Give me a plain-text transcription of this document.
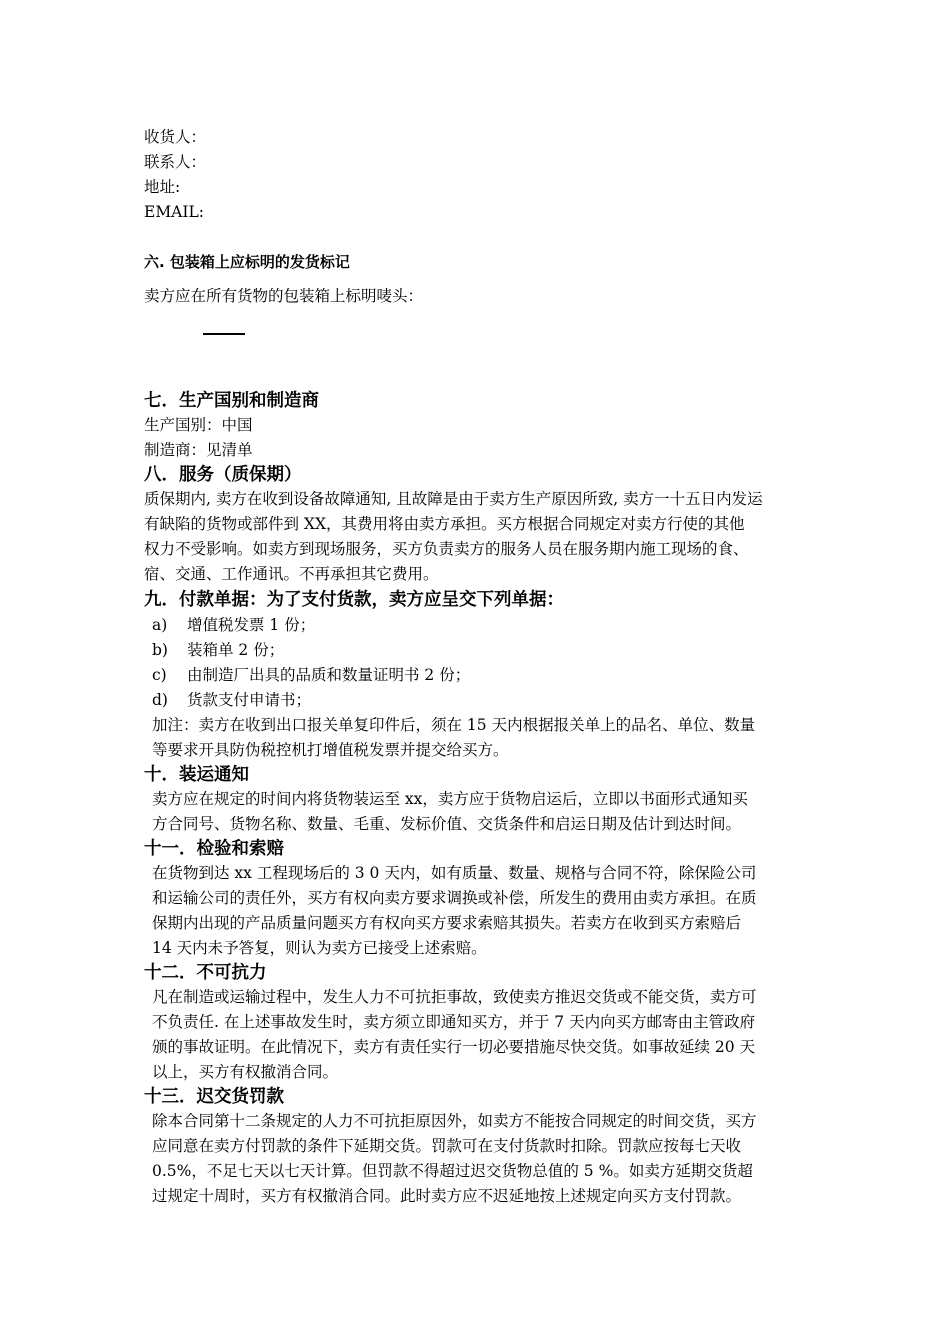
收货人：
联系人：
地址:
EMAIL:
六. 包装箱上应标明的发货标记
卖方应在所有货物的包装箱上标明唛头：
七．生产国别和制造商
生产国别：中国
制造商：见清单
八．服务（质保期）
质保期内, 卖方在收到设备故障通知, 且故障是由于卖方生产原因所致, 卖方一十五日内发运
有缺陷的货物或部件到 XX，其费用将由卖方承担。买方根据合同规定对卖方行使的其他
权力不受影响。如卖方到现场服务，买方负责卖方的服务人员在服务期内施工现场的食、
宿、交通、工作通讯。不再承担其它费用。
九．付款单据：为了支付货款，卖方应呈交下列单据：
a) 增值税发票 1 份；
b) 装箱单 2 份；
c) 由制造厂出具的品质和数量证明书 2 份；
d) 货款支付申请书；
加注：卖方在收到出口报关单复印件后，须在 15 天内根据报关单上的品名、单位、数量
等要求开具防伪税控机打增值税发票并提交给买方。
十．装运通知
卖方应在规定的时间内将货物装运至 xx，卖方应于货物启运后，立即以书面形式通知买
方合同号、货物名称、数量、毛重、发标价值、交货条件和启运日期及估计到达时间。
十一．检验和索赔
在货物到达 xx 工程现场后的 3 0 天内，如有质量、数量、规格与合同不符，除保险公司
和运输公司的责任外，买方有权向卖方要求调换或补偿，所发生的费用由卖方承担。在质
保期内出现的产品质量问题买方有权向买方要求索赔其损失。若卖方在收到买方索赔后
14 天内未予答复，则认为卖方已接受上述索赔。
十二．不可抗力
凡在制造或运输过程中，发生人力不可抗拒事故，致使卖方推迟交货或不能交货，卖方可
不负责任. 在上述事故发生时，卖方须立即通知买方，并于 7 天内向买方邮寄由主管政府
颁的事故证明。在此情况下，卖方有责任实行一切必要措施尽快交货。如事故延续 20 天
以上，买方有权撤消合同。
十三．迟交货罚款
除本合同第十二条规定的人力不可抗拒原因外，如卖方不能按合同规定的时间交货，买方
应同意在卖方付罚款的条件下延期交货。罚款可在支付货款时扣除。罚款应按每七天收
0.5%，不足七天以七天计算。但罚款不得超过迟交货物总值的 5 %。如卖方延期交货超
过规定十周时，买方有权撤消合同。此时卖方应不迟延地按上述规定向买方支付罚款。
